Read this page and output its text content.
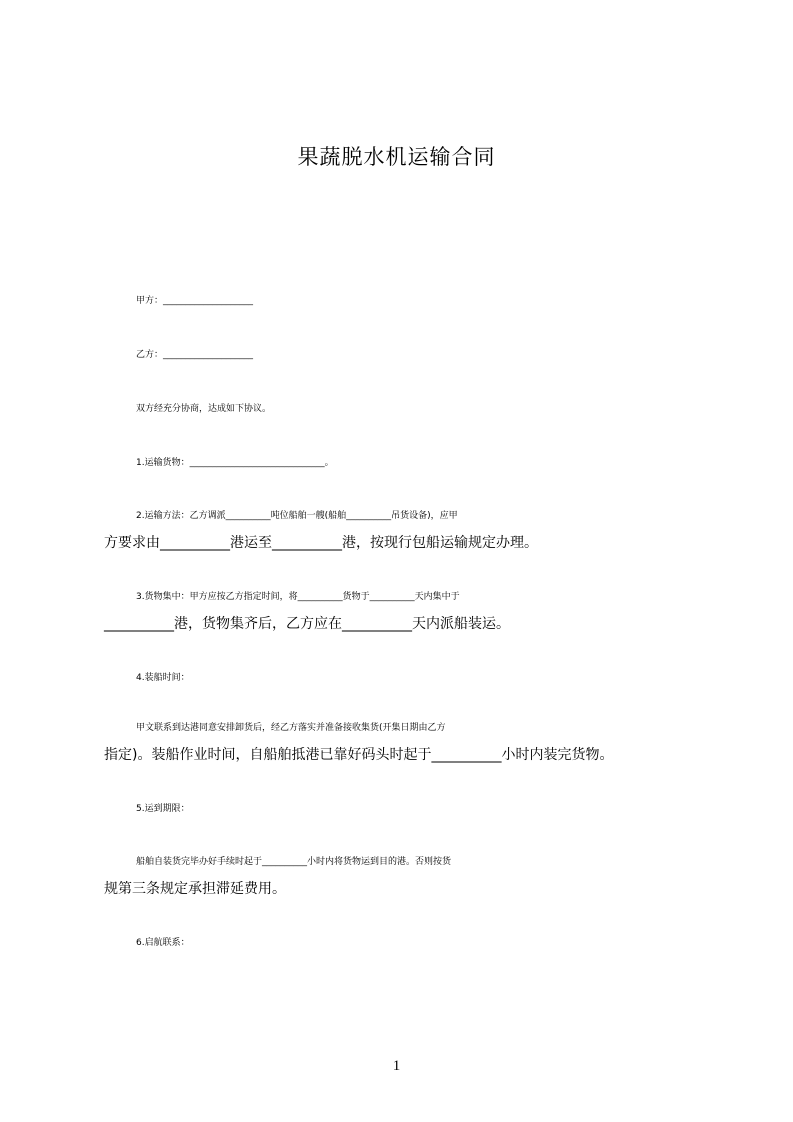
果蔬脱水机运输合同
甲方：____________________
乙方：____________________
双方经充分协商，达成如下协议。
1.运输货物：______________________________。
2.运输方法：乙方调派__________吨位船舶一艘(船舶__________吊货设备)，应甲
方要求由__________港运至__________港，按现行包船运输规定办理。
3.货物集中：甲方应按乙方指定时间，将__________货物于__________天内集中于
__________港，货物集齐后，乙方应在__________天内派船装运。
4.装船时间：
甲文联系到达港同意安排卸货后，经乙方落实并准备接收集货(开集日期由乙方
指定)。装船作业时间，自船舶抵港已靠好码头时起于__________小时内装完货物。
5.运到期限：
船舶自装货完毕办好手续时起于__________小时内将货物运到目的港。否则按货
规第三条规定承担滞延费用。
6.启航联系：
1
